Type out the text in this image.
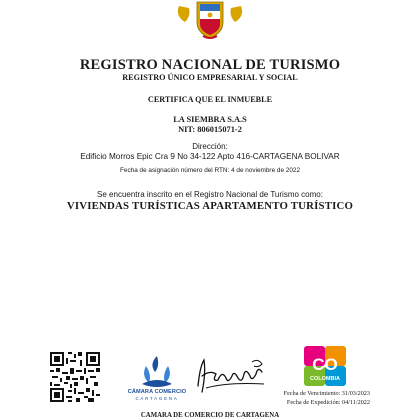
REGISTRO NACIONAL DE TURISMO
REGISTRO ÚNICO EMPRESARIAL Y SOCIAL
CERTIFICA QUE EL INMUEBLE
LA SIEMBRA S.A.S
NIT: 806015071-2
Dirección:
Edificio Morros Epic Cra 9 No 34-122 Apto 416-CARTAGENA BOLIVAR
Fecha de asignación número del RTN: 4 de noviembre de 2022
Se encuentra inscrito en el Registro Nacional de Turismo como:
VIVIENDAS TURÍSTICAS APARTAMENTO TURÍSTICO
CÁMARA COMERCIO
CARTAGENA
CO
COLOMBIA
Fecha de Vencimiento: 31/03/2023
Fecha de Expedición: 04/11/2022
CAMARA DE COMERCIO DE CARTAGENA
